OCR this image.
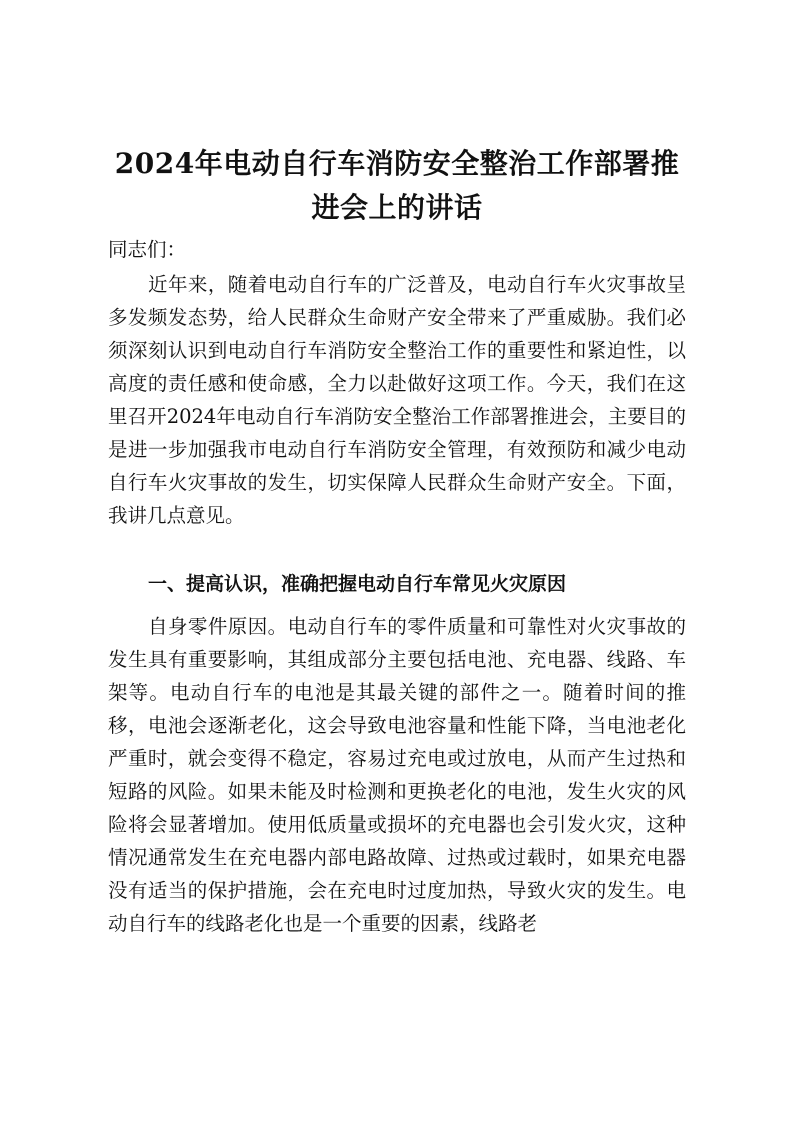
2024年电动自行车消防安全整治工作部署推进会上的讲话

同志们：

近年来，随着电动自行车的广泛普及，电动自行车火灾事故呈多发频发态势，给人民群众生命财产安全带来了严重威胁。我们必须深刻认识到电动自行车消防安全整治工作的重要性和紧迫性，以高度的责任感和使命感，全力以赴做好这项工作。今天，我们在这里召开2024年电动自行车消防安全整治工作部署推进会，主要目的是进一步加强我市电动自行车消防安全管理，有效预防和减少电动自行车火灾事故的发生，切实保障人民群众生命财产安全。下面，我讲几点意见。

一、提高认识，准确把握电动自行车常见火灾原因

自身零件原因。电动自行车的零件质量和可靠性对火灾事故的发生具有重要影响，其组成部分主要包括电池、充电器、线路、车架等。电动自行车的电池是其最关键的部件之一。随着时间的推移，电池会逐渐老化，这会导致电池容量和性能下降，当电池老化严重时，就会变得不稳定，容易过充电或过放电，从而产生过热和短路的风险。如果未能及时检测和更换老化的电池，发生火灾的风险将会显著增加。使用低质量或损坏的充电器也会引发火灾，这种情况通常发生在充电器内部电路故障、过热或过载时，如果充电器没有适当的保护措施，会在充电时过度加热，导致火灾的发生。电动自行车的线路老化也是一个重要的因素，线路老
